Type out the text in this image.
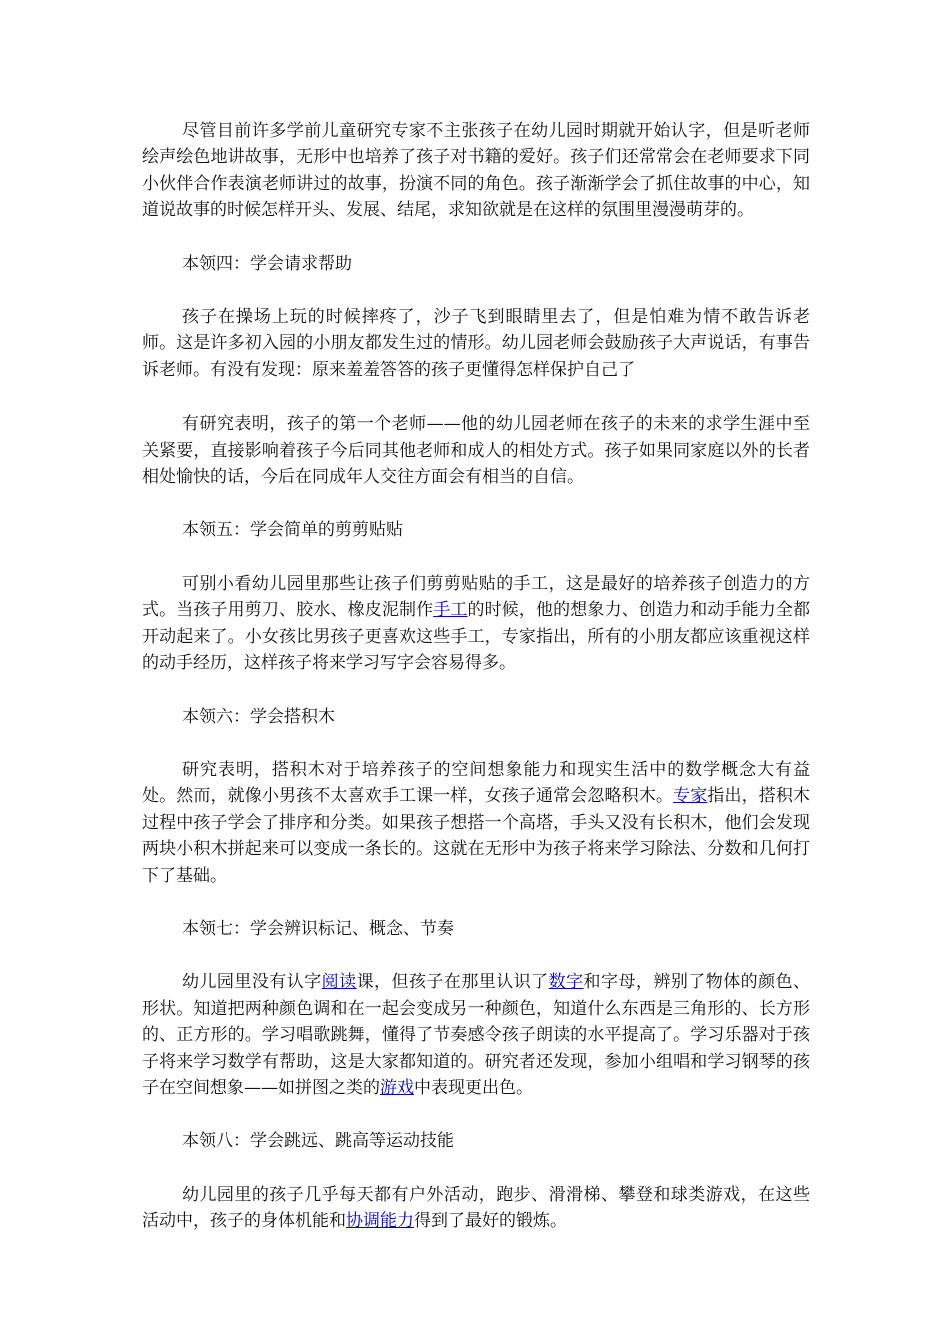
尽管目前许多学前儿童研究专家不主张孩子在幼儿园时期就开始认字，但是听老师绘声绘色地讲故事，无形中也培养了孩子对书籍的爱好。孩子们还常常会在老师要求下同小伙伴合作表演老师讲过的故事，扮演不同的角色。孩子渐渐学会了抓住故事的中心，知道说故事的时候怎样开头、发展、结尾，求知欲就是在这样的氛围里漫漫萌芽的。

本领四：学会请求帮助

孩子在操场上玩的时候摔疼了，沙子飞到眼睛里去了，但是怕难为情不敢告诉老师。这是许多初入园的小朋友都发生过的情形。幼儿园老师会鼓励孩子大声说话，有事告诉老师。有没有发现：原来羞羞答答的孩子更懂得怎样保护自己了

有研究表明，孩子的第一个老师——他的幼儿园老师在孩子的未来的求学生涯中至关紧要，直接影响着孩子今后同其他老师和成人的相处方式。孩子如果同家庭以外的长者相处愉快的话，今后在同成年人交往方面会有相当的自信。

本领五：学会简单的剪剪贴贴

可别小看幼儿园里那些让孩子们剪剪贴贴的手工，这是最好的培养孩子创造力的方式。当孩子用剪刀、胶水、橡皮泥制作手工的时候，他的想象力、创造力和动手能力全都开动起来了。小女孩比男孩子更喜欢这些手工，专家指出，所有的小朋友都应该重视这样的动手经历，这样孩子将来学习写字会容易得多。

本领六：学会搭积木

研究表明，搭积木对于培养孩子的空间想象能力和现实生活中的数学概念大有益处。然而，就像小男孩不太喜欢手工课一样，女孩子通常会忽略积木。专家指出，搭积木过程中孩子学会了排序和分类。如果孩子想搭一个高塔，手头又没有长积木，他们会发现两块小积木拼起来可以变成一条长的。这就在无形中为孩子将来学习除法、分数和几何打下了基础。

本领七：学会辨识标记、概念、节奏

幼儿园里没有认字阅读课，但孩子在那里认识了数字和字母，辨别了物体的颜色、形状。知道把两种颜色调和在一起会变成另一种颜色，知道什么东西是三角形的、长方形的、正方形的。学习唱歌跳舞，懂得了节奏感令孩子朗读的水平提高了。学习乐器对于孩子将来学习数学有帮助，这是大家都知道的。研究者还发现，参加小组唱和学习钢琴的孩子在空间想象——如拼图之类的游戏中表现更出色。

本领八：学会跳远、跳高等运动技能

幼儿园里的孩子几乎每天都有户外活动，跑步、滑滑梯、攀登和球类游戏，在这些活动中，孩子的身体机能和协调能力得到了最好的锻炼。
